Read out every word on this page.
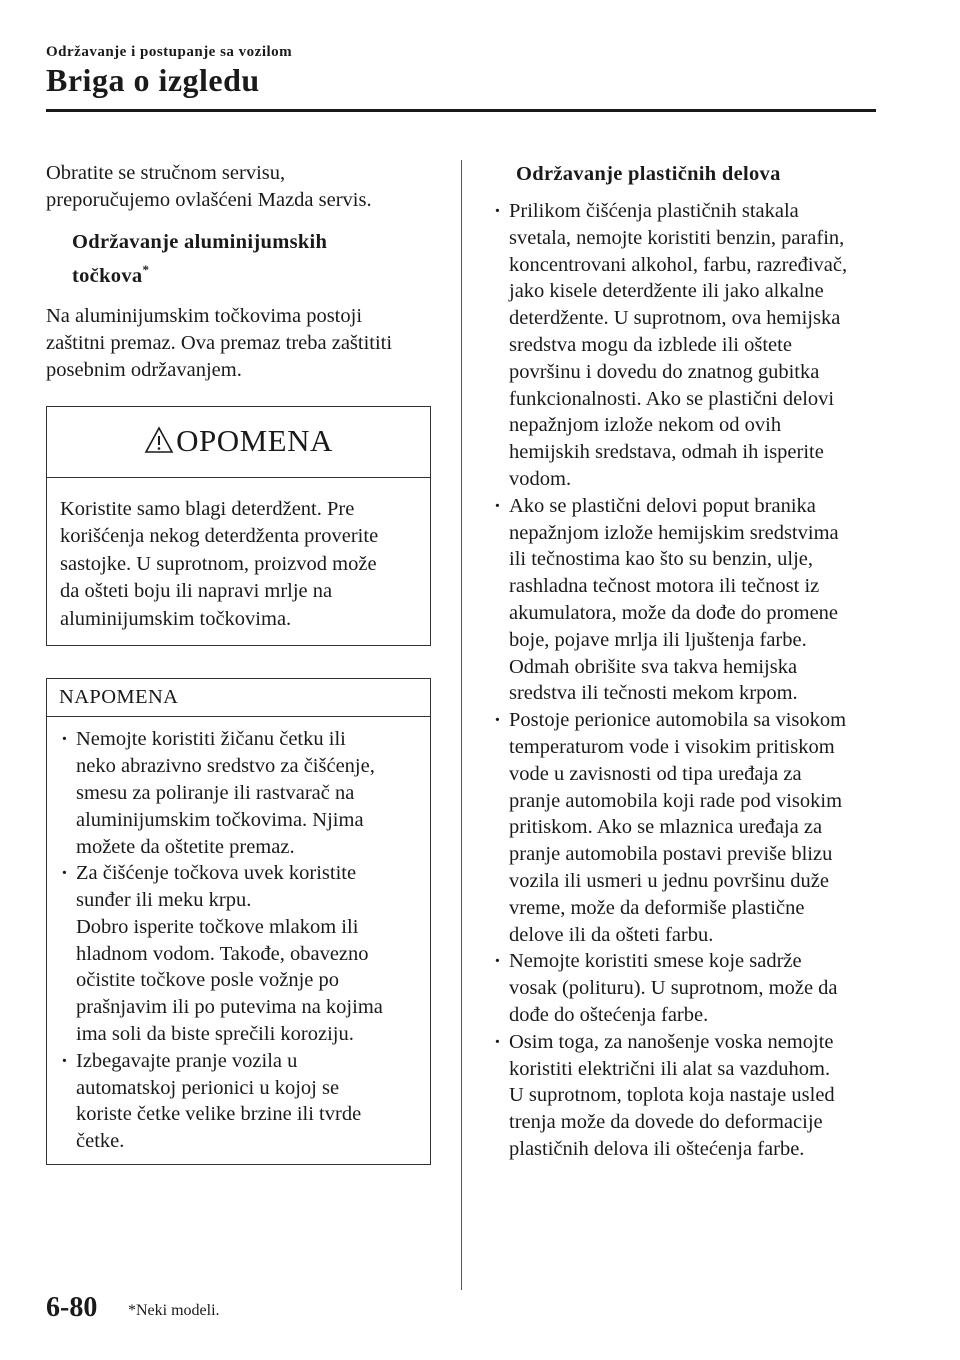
Održavanje i postupanje sa vozilom
Briga o izgledu

Obratite se stručnom servisu,
preporučujemo ovlašćeni Mazda servis.

Održavanje aluminijumskih
točkova*

Na aluminijumskim točkovima postoji
zaštitni premaz. Ova premaz treba zaštititi
posebnim održavanjem.

OPOMENA
Koristite samo blagi deterdžent. Pre
korišćenja nekog deterdženta proverite
sastojke. U suprotnom, proizvod može
da ošteti boju ili napravi mrlje na
aluminijumskim točkovima.
NAPOMENA
· Nemojte koristiti žičanu četku ili
neko abrazivno sredstvo za čišćenje,
smesu za poliranje ili rastvarač na
aluminijumskim točkovima. Njima
možete da oštetite premaz.
· Za čišćenje točkova uvek koristite
sunđer ili meku krpu.
Dobro isperite točkove mlakom ili
hladnom vodom. Takođe, obavezno
očistite točkove posle vožnje po
prašnjavim ili po putevima na kojima
ima soli da biste sprečili koroziju.
· Izbegavajte pranje vozila u
automatskoj perionici u kojoj se
koriste četke velike brzine ili tvrde
četke.

Održavanje plastičnih delova

· Prilikom čišćenja plastičnih stakala
svetala, nemojte koristiti benzin, parafin,
koncentrovani alkohol, farbu, razređivač,
jako kisele deterdžente ili jako alkalne
deterdžente. U suprotnom, ova hemijska
sredstva mogu da izblede ili oštete
površinu i dovedu do znatnog gubitka
funkcionalnosti. Ako se plastični delovi
nepažnjom izlože nekom od ovih
hemijskih sredstava, odmah ih isperite
vodom.
· Ako se plastični delovi poput branika
nepažnjom izlože hemijskim sredstvima
ili tečnostima kao što su benzin, ulje,
rashladna tečnost motora ili tečnost iz
akumulatora, može da dođe do promene
boje, pojave mrlja ili ljuštenja farbe.
Odmah obrišite sva takva hemijska
sredstva ili tečnosti mekom krpom.
· Postoje perionice automobila sa visokom
temperaturom vode i visokim pritiskom
vode u zavisnosti od tipa uređaja za
pranje automobila koji rade pod visokim
pritiskom. Ako se mlaznica uređaja za
pranje automobila postavi previše blizu
vozila ili usmeri u jednu površinu duže
vreme, može da deformiše plastične
delove ili da ošteti farbu.
· Nemojte koristiti smese koje sadrže
vosak (polituru). U suprotnom, može da
dođe do oštećenja farbe.
· Osim toga, za nanošenje voska nemojte
koristiti električni ili alat sa vazduhom.
U suprotnom, toplota koja nastaje usled
trenja može da dovede do deformacije
plastičnih delova ili oštećenja farbe.
6-80 *Neki modeli.
